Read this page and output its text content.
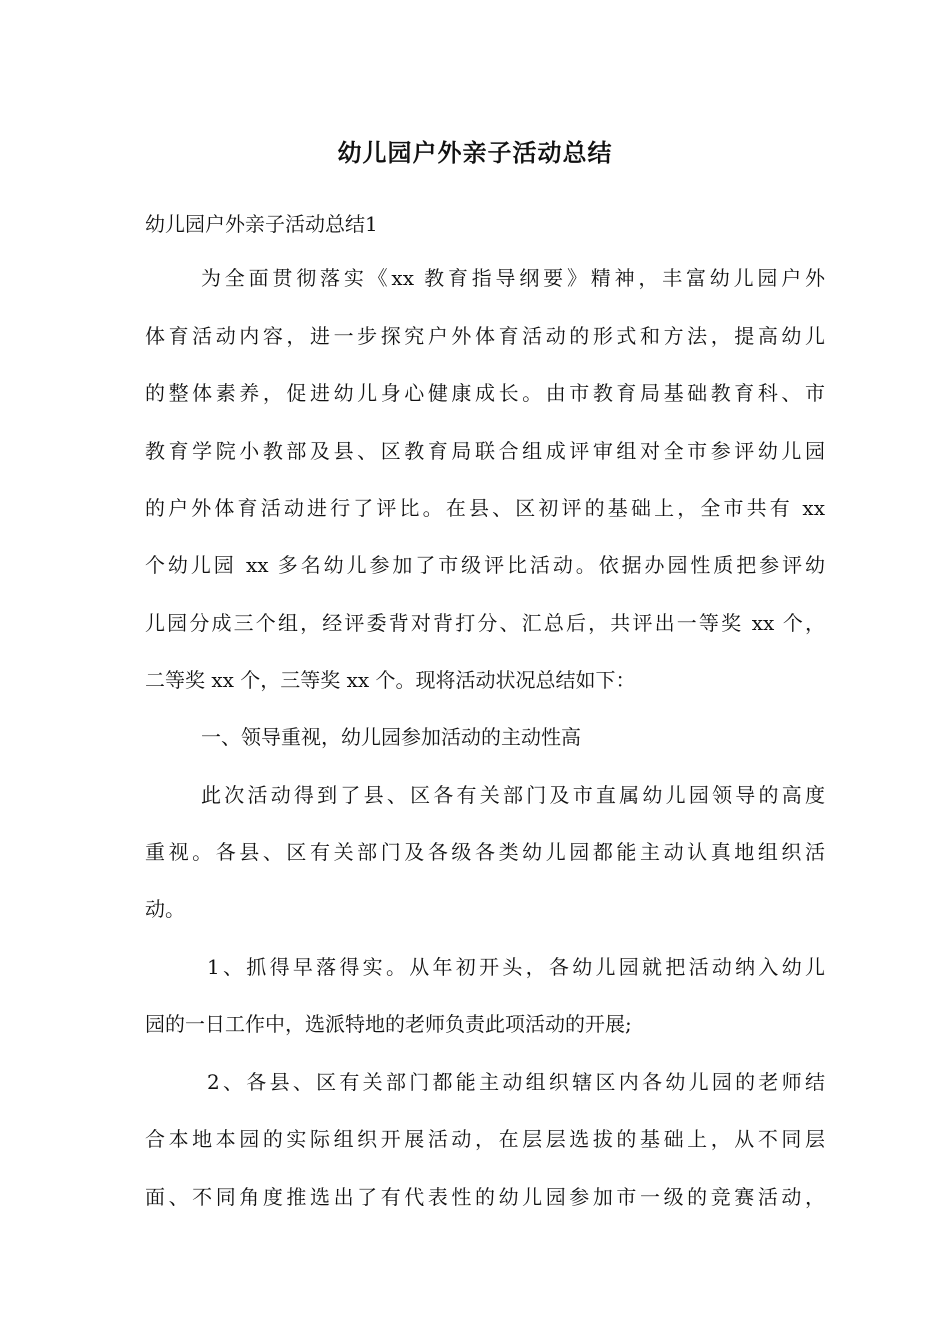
幼儿园户外亲子活动总结
幼儿园户外亲子活动总结1
为全面贯彻落实《xx 教育指导纲要》精神，丰富幼儿园户外
体育活动内容，进一步探究户外体育活动的形式和方法，提高幼儿
的整体素养，促进幼儿身心健康成长。由市教育局基础教育科、市
教育学院小教部及县、区教育局联合组成评审组对全市参评幼儿园
的户外体育活动进行了评比。在县、区初评的基础上，全市共有 xx
个幼儿园 xx 多名幼儿参加了市级评比活动。依据办园性质把参评幼
儿园分成三个组，经评委背对背打分、汇总后，共评出一等奖 xx 个，
二等奖 xx 个，三等奖 xx 个。现将活动状况总结如下：
一、领导重视，幼儿园参加活动的主动性高
此次活动得到了县、区各有关部门及市直属幼儿园领导的高度
重视。各县、区有关部门及各级各类幼儿园都能主动认真地组织活
动。
1、抓得早落得实。从年初开头，各幼儿园就把活动纳入幼儿
园的一日工作中，选派特地的老师负责此项活动的开展;
2、各县、区有关部门都能主动组织辖区内各幼儿园的老师结
合本地本园的实际组织开展活动，在层层选拔的基础上，从不同层
面、不同角度推选出了有代表性的幼儿园参加市一级的竞赛活动，
